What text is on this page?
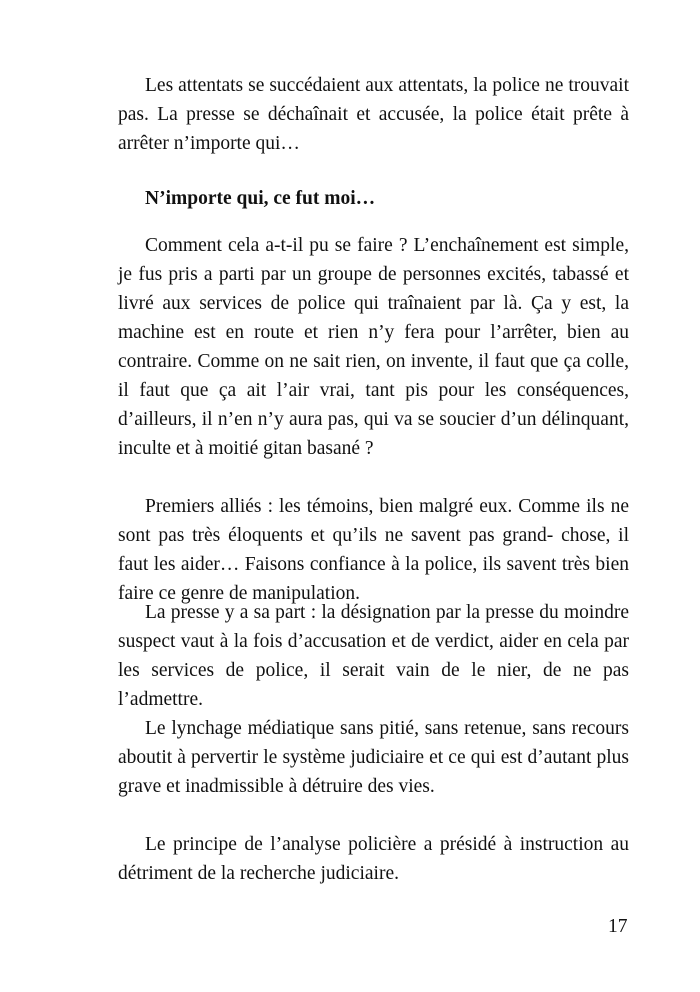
Les attentats se succédaient aux attentats, la police ne trouvait
pas. La presse se déchaînait et accusée, la police était prête à
arrêter n’importe qui…
N’importe qui, ce fut moi…
Comment cela a-t-il pu se faire ? L’enchaînement est simple,
je fus pris a parti par un groupe de personnes excités, tabassé et
livré aux services de police qui traînaient par là. Ça y est, la
machine est en route et rien n’y fera pour l’arrêter, bien au
contraire. Comme on ne sait rien, on invente, il faut que ça colle,
il faut que ça ait l’air vrai, tant pis pour les conséquences,
d’ailleurs, il n’en n’y aura pas, qui va se soucier d’un délinquant,
inculte et à moitié gitan basané ?
Premiers alliés : les témoins, bien malgré eux. Comme ils ne
sont pas très éloquents et qu’ils ne savent pas grand- chose, il
faut les aider… Faisons confiance à la police, ils savent très bien
faire ce genre de manipulation.
La presse y a sa part : la désignation par la presse du moindre
suspect vaut à la fois d’accusation et de verdict, aider en cela par
les services de police, il serait vain de le nier, de ne pas
l’admettre.
Le lynchage médiatique sans pitié, sans retenue, sans recours
aboutit à pervertir le système judiciaire et ce qui est d’autant plus
grave et inadmissible à détruire des vies.
Le principe de l’analyse policière a présidé à instruction au
détriment de la recherche judiciaire.
17
